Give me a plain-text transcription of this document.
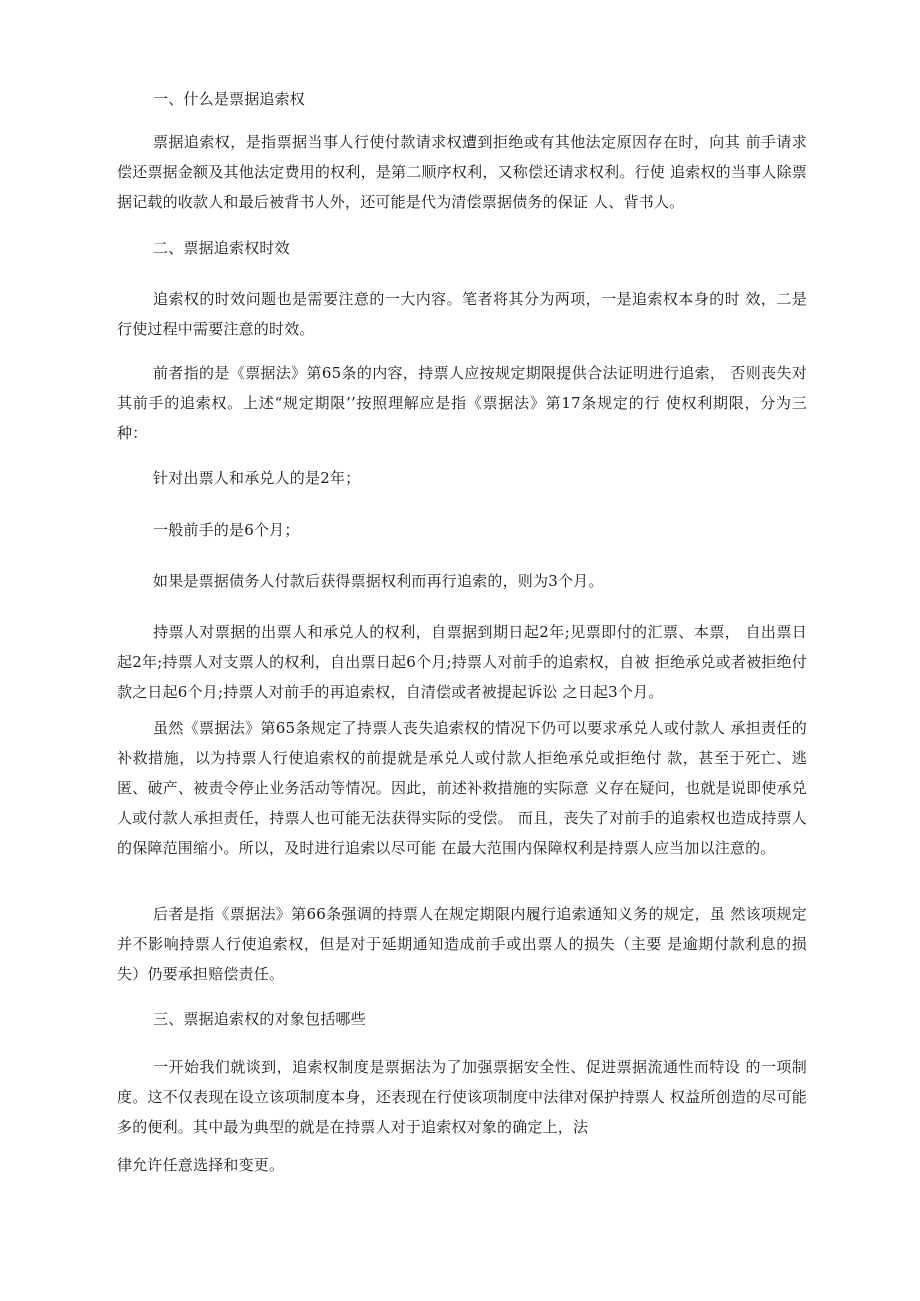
一、什么是票据追索权

票据追索权，是指票据当事人行使付款请求权遭到拒绝或有其他法定原因存在时，向其 前手请求偿还票据金额及其他法定费用的权利，是第二顺序权利，又称偿还请求权利。行使 追索权的当事人除票据记载的收款人和最后被背书人外，还可能是代为清偿票据债务的保证 人、背书人。

二、票据追索权时效

追索权的时效问题也是需要注意的一大内容。笔者将其分为两项，一是追索权本身的时 效，二是行使过程中需要注意的时效。

前者指的是《票据法》第65条的内容，持票人应按规定期限提供合法证明进行追索， 否则丧失对其前手的追索权。上述“规定期限’’按照理解应是指《票据法》第17条规定的行 使权利期限，分为三种：

针对出票人和承兑人的是2年；

一般前手的是6个月；

如果是票据债务人付款后获得票据权利而再行追索的，则为3个月。

持票人对票据的出票人和承兑人的权利，自票据到期日起2年;见票即付的汇票、本票， 自出票日起2年;持票人对支票人的权利，自出票日起6个月;持票人对前手的追索权，自被 拒绝承兑或者被拒绝付款之日起6个月;持票人对前手的再追索权，自清偿或者被提起诉讼 之日起3个月。

虽然《票据法》第65条规定了持票人丧失追索权的情况下仍可以要求承兑人或付款人 承担责任的补救措施，以为持票人行使追索权的前提就是承兑人或付款人拒绝承兑或拒绝付 款，甚至于死亡、逃匿、破产、被责令停止业务活动等情况。因此，前述补救措施的实际意 义存在疑问，也就是说即使承兑人或付款人承担责任，持票人也可能无法获得实际的受偿。 而且，丧失了对前手的追索权也造成持票人的保障范围缩小。所以，及时进行追索以尽可能 在最大范围内保障权利是持票人应当加以注意的。

后者是指《票据法》第66条强调的持票人在规定期限内履行追索通知义务的规定，虽 然该项规定并不影响持票人行使追索权，但是对于延期通知造成前手或出票人的损失（主要 是逾期付款利息的损失）仍要承担赔偿责任。

三、票据追索权的对象包括哪些

一开始我们就谈到，追索权制度是票据法为了加强票据安全性、促进票据流通性而特设 的一项制度。这不仅表现在设立该项制度本身，还表现在行使该项制度中法律对保护持票人 权益所创造的尽可能多的便利。其中最为典型的就是在持票人对于追索权对象的确定上，法

律允许任意选择和变更。
